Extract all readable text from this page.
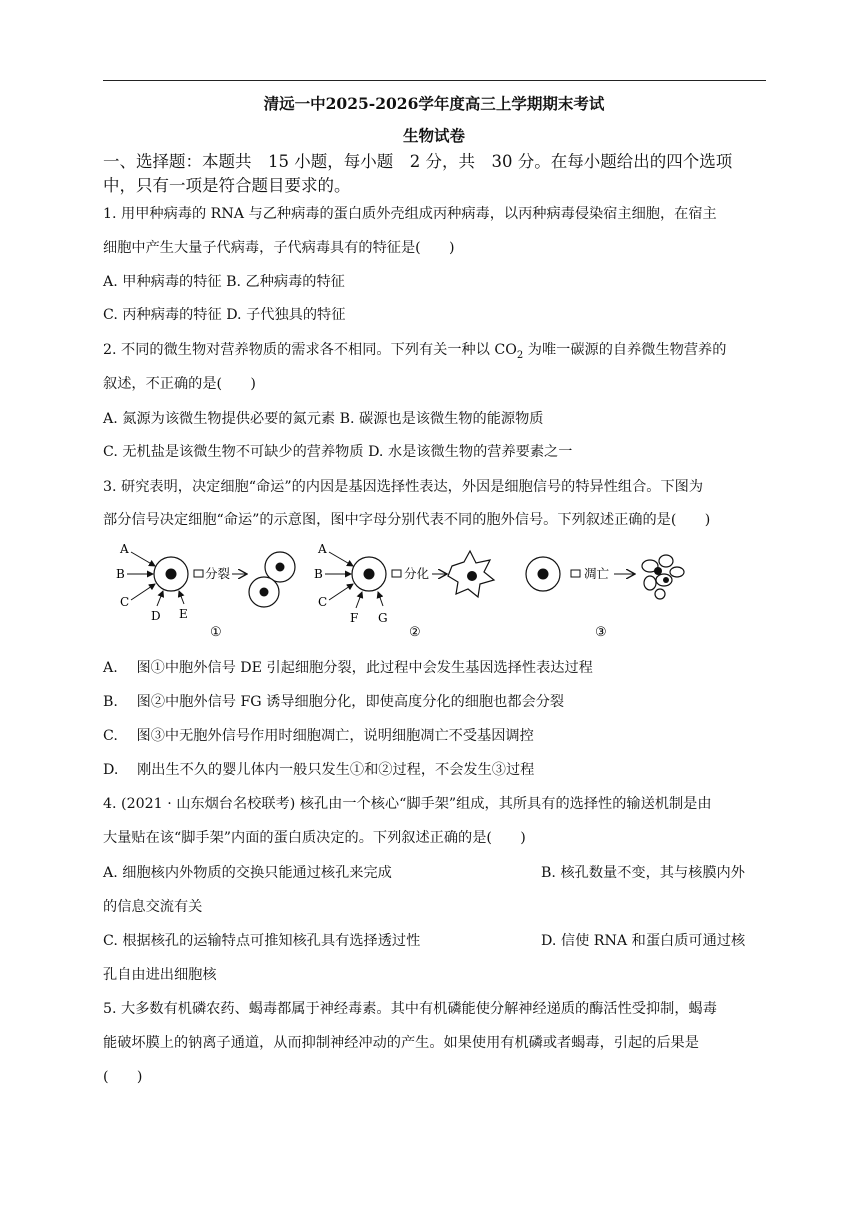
清远一中2025-2026学年度高三上学期期末考试
生物试卷
一、选择题：本题共　15 小题，每小题　2 分，共　30 分。在每小题给出的四个选项
中，只有一项是符合题目要求的。
1. 用甲种病毒的 RNA 与乙种病毒的蛋白质外壳组成丙种病毒，以丙种病毒侵染宿主细胞，在宿主
细胞中产生大量子代病毒，子代病毒具有的特征是(　　)
A. 甲种病毒的特征 B. 乙种病毒的特征
C. 丙种病毒的特征 D. 子代独具的特征
2. 不同的微生物对营养物质的需求各不相同。下列有关一种以 $CO_2$ 为唯一碳源的自养微生物营养的
叙述，不正确的是(　　)
A. 氮源为该微生物提供必要的氮元素 B. 碳源也是该微生物的能源物质
C. 无机盐是该微生物不可缺少的营养物质 D. 水是该微生物的营养要素之一
3. 研究表明，决定细胞“命运”的内因是基因选择性表达，外因是细胞信号的特异性组合。下图为
部分信号决定细胞“命运”的示意图，图中字母分别代表不同的胞外信号。下列叙述正确的是(　　)
A
B
C
D E
分裂
①
A
B
C
F G
分化
②
凋亡
③
A.　 图①中胞外信号 DE 引起细胞分裂，此过程中会发生基因选择性表达过程
B.　 图②中胞外信号 FG 诱导细胞分化，即使高度分化的细胞也都会分裂
C.　 图③中无胞外信号作用时细胞凋亡，说明细胞凋亡不受基因调控
D.　 刚出生不久的婴儿体内一般只发生①和②过程，不会发生③过程
4. (2021 · 山东烟台名校联考) 核孔由一个核心“脚手架”组成，其所具有的选择性的输送机制是由
大量贴在该“脚手架”内面的蛋白质决定的。下列叙述正确的是(　　)
A. 细胞核内外物质的交换只能通过核孔来完成	B. 核孔数量不变，其与核膜内外
的信息交流有关
C. 根据核孔的运输特点可推知核孔具有选择透过性	D. 信使 RNA 和蛋白质可通过核
孔自由进出细胞核
5. 大多数有机磷农药、蝎毒都属于神经毒素。其中有机磷能使分解神经递质的酶活性受抑制，蝎毒
能破坏膜上的钠离子通道，从而抑制神经冲动的产生。如果使用有机磷或者蝎毒，引起的后果是
(　　)
